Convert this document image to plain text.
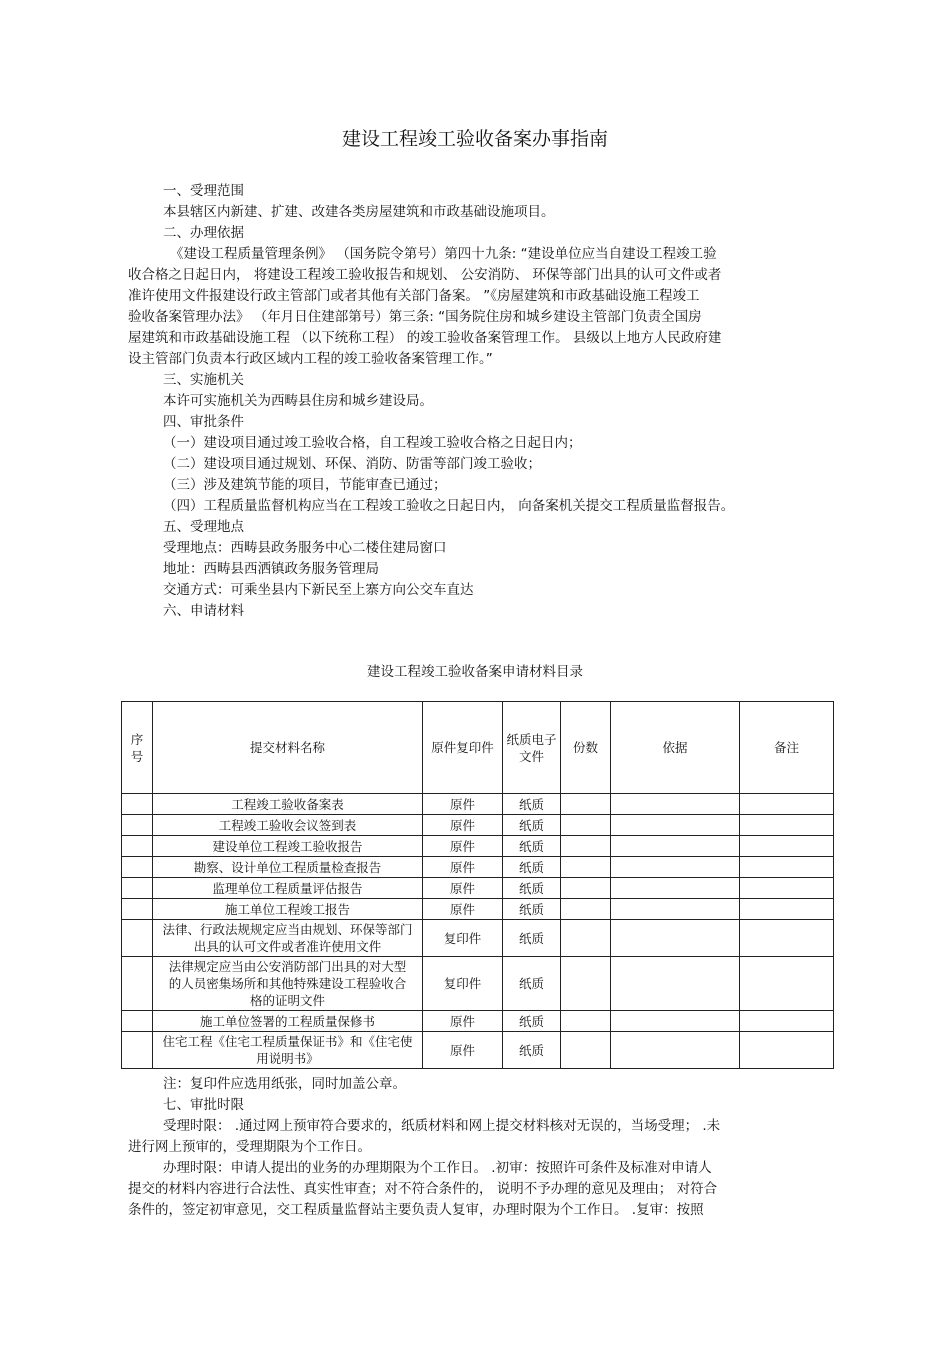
建设工程竣工验收备案办事指南
一、受理范围
本县辖区内新建、扩建、改建各类房屋建筑和市政基础设施项目。
二、办理依据
《建设工程质量管理条例》 （国务院令第号）第四十九条: “建设单位应当自建设工程竣工验
收合格之日起日内， 将建设工程竣工验收报告和规划、 公安消防、 环保等部门出具的认可文件或者
准许使用文件报建设行政主管部门或者其他有关部门备案。 ”《房屋建筑和市政基础设施工程竣工
验收备案管理办法》 （年月日住建部第号）第三条: “国务院住房和城乡建设主管部门负责全国房
屋建筑和市政基础设施工程 （以下统称工程） 的竣工验收备案管理工作。 县级以上地方人民政府建
设主管部门负责本行政区域内工程的竣工验收备案管理工作。”
三、实施机关
本许可实施机关为西畴县住房和城乡建设局。
四、审批条件
（一）建设项目通过竣工验收合格，自工程竣工验收合格之日起日内；
（二）建设项目通过规划、环保、消防、防雷等部门竣工验收；
（三）涉及建筑节能的项目，节能审查已通过；
（四）工程质量监督机构应当在工程竣工验收之日起日内， 向备案机关提交工程质量监督报告。
五、受理地点
受理地点：西畴县政务服务中心二楼住建局窗口
地址：西畴县西洒镇政务服务管理局
交通方式：可乘坐县内下新民至上寨方向公交车直达
六、申请材料
建设工程竣工验收备案申请材料目录
序号	提交材料名称	原件复印件	纸质电子文件	份数	依据	备注
	工程竣工验收备案表	原件	纸质			
	工程竣工验收会议签到表	原件	纸质			
	建设单位工程竣工验收报告	原件	纸质			
	勘察、设计单位工程质量检查报告	原件	纸质			
	监理单位工程质量评估报告	原件	纸质			
	施工单位工程竣工报告	原件	纸质			
	法律、行政法规规定应当由规划、环保等部门出具的认可文件或者准许使用文件	复印件	纸质			
	法律规定应当由公安消防部门出具的对大型的人员密集场所和其他特殊建设工程验收合格的证明文件	复印件	纸质			
	施工单位签署的工程质量保修书	原件	纸质			
	住宅工程《住宅工程质量保证书》和《住宅使用说明书》	原件	纸质			
注：复印件应选用纸张，同时加盖公章。
七、审批时限
受理时限： .通过网上预审符合要求的，纸质材料和网上提交材料核对无误的，当场受理； .未
进行网上预审的，受理期限为个工作日。
办理时限：申请人提出的业务的办理期限为个工作日。 .初审：按照许可条件及标准对申请人
提交的材料内容进行合法性、真实性审查；对不符合条件的， 说明不予办理的意见及理由； 对符合
条件的，签定初审意见，交工程质量监督站主要负责人复审，办理时限为个工作日。 .复审：按照
